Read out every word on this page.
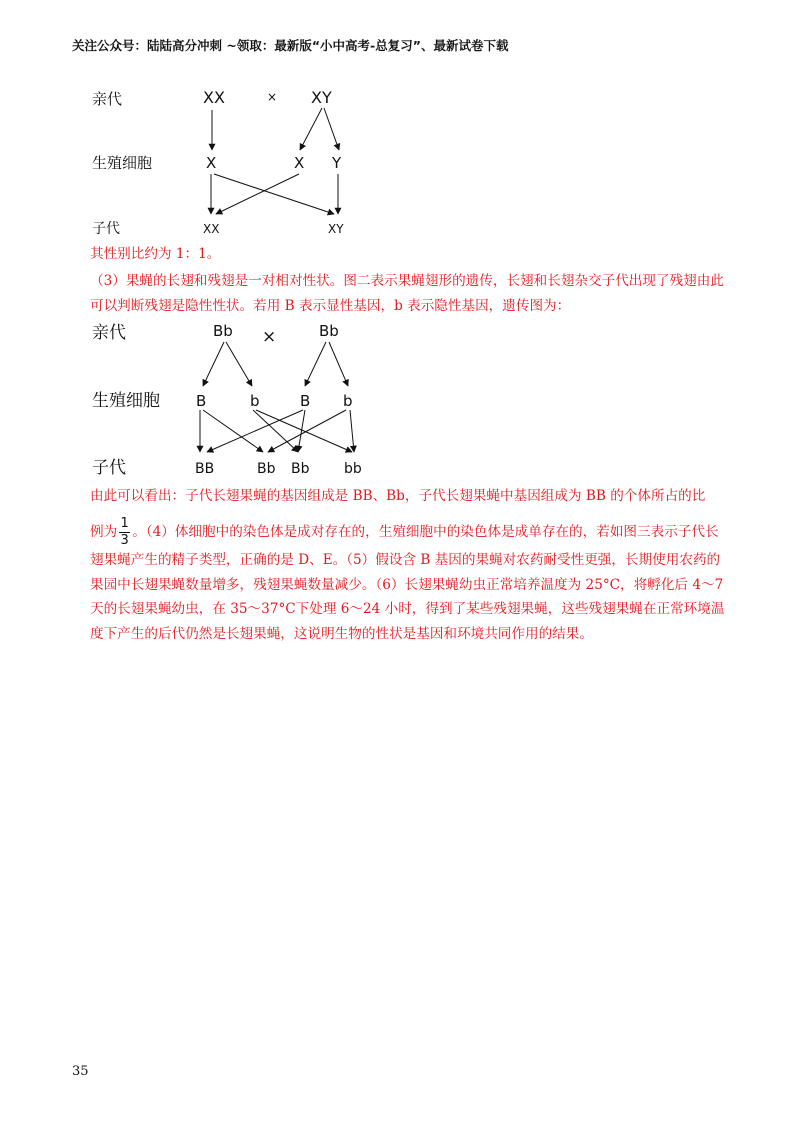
关注公众号：陆陆高分冲刺 ~领取：最新版“小中高考-总复习”、最新试卷下载
亲代
生殖细胞
子代
XX	× XY
X	X Y
XX	XY
亲代
生殖细胞
子代
Bb ×	Bb
B	b	B b
BB	Bb Bb bb
其性别比约为 1：1。
（3）果蝇的长翅和残翅是一对相对性状。图二表示果蝇翅形的遗传，长翅和长翅杂交子代出现了残翅由此可以判断残翅是隐性性状。若用 B 表示显性基因，b 表示隐性基因，遗传图为：
由此可以看出：子代长翅果蝇的基因组成是 BB、Bb，子代长翅果蝇中基因组成为 BB 的个体所占的比
例为 $\frac{1}{3}$ 。（4）体细胞中的染色体是成对存在的，生殖细胞中的染色体是成单存在的，若如图三表示子代长翅果蝇产生的精子类型，正确的是 D、E。（5）假设含 B 基因的果蝇对农药耐受性更强，长期使用农药的果园中长翅果蝇数量增多，残翅果蝇数量减少。（6）长翅果蝇幼虫正常培养温度为 25°C，将孵化后 4～7 天的长翅果蝇幼虫，在 35～37°C下处理 6～24 小时，得到了某些残翅果蝇，这些残翅果蝇在正常环境温度下产生的后代仍然是长翅果蝇，这说明生物的性状是基因和环境共同作用的结果。
35
